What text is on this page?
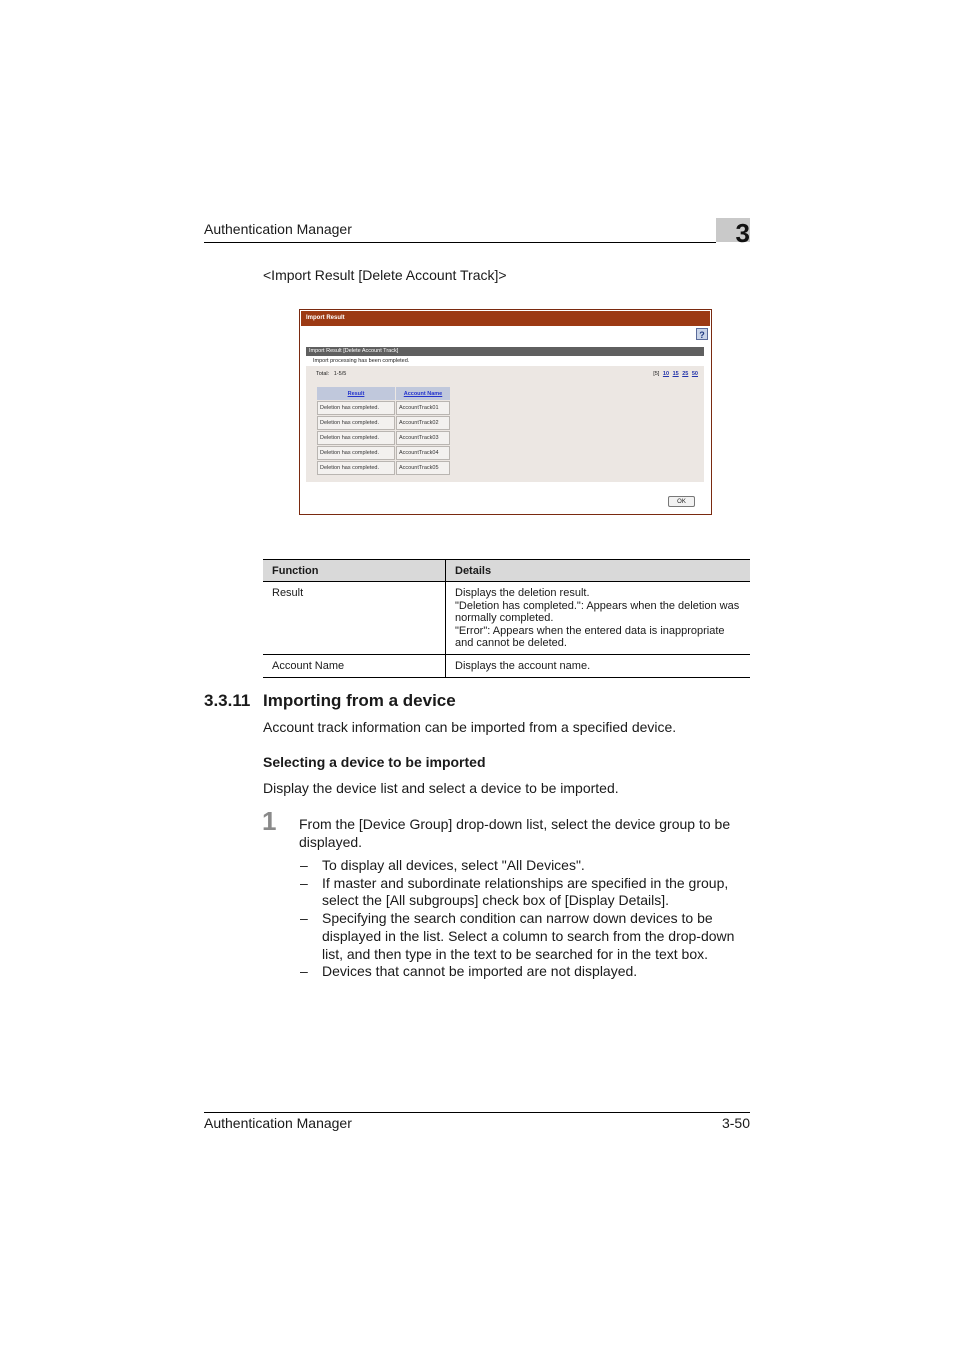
Authentication Manager	3
<Import Result [Delete Account Track]>
Import Result
?
Import Result [Delete Account Track]
Import processing has been completed.
Total: 1-5/5	[5] 10 15 25 50
Result	Account Name
Deletion has completed.	AccountTrack01
Deletion has completed.	AccountTrack02
Deletion has completed.	AccountTrack03
Deletion has completed.	AccountTrack04
Deletion has completed.	AccountTrack05
OK
Function	Details
Result	Displays the deletion result.
"Deletion has completed.": Appears when the deletion was
normally completed.
"Error": Appears when the entered data is inappropriate
and cannot be deleted.

Account Name	Displays the account name.
3.3.11 Importing from a device
Account track information can be imported from a specified device.
Selecting a device to be imported
Display the device list and select a device to be imported.
1 From the [Device Group] drop-down list, select the device group to be displayed.
– To display all devices, select "All Devices".
– If master and subordinate relationships are specified in the group, select the [All subgroups] check box of [Display Details].
– Specifying the search condition can narrow down devices to be displayed in the list. Select a column to search from the drop-down list, and then type in the text to be searched for in the text box.
– Devices that cannot be imported are not displayed.
Authentication Manager	3-50
